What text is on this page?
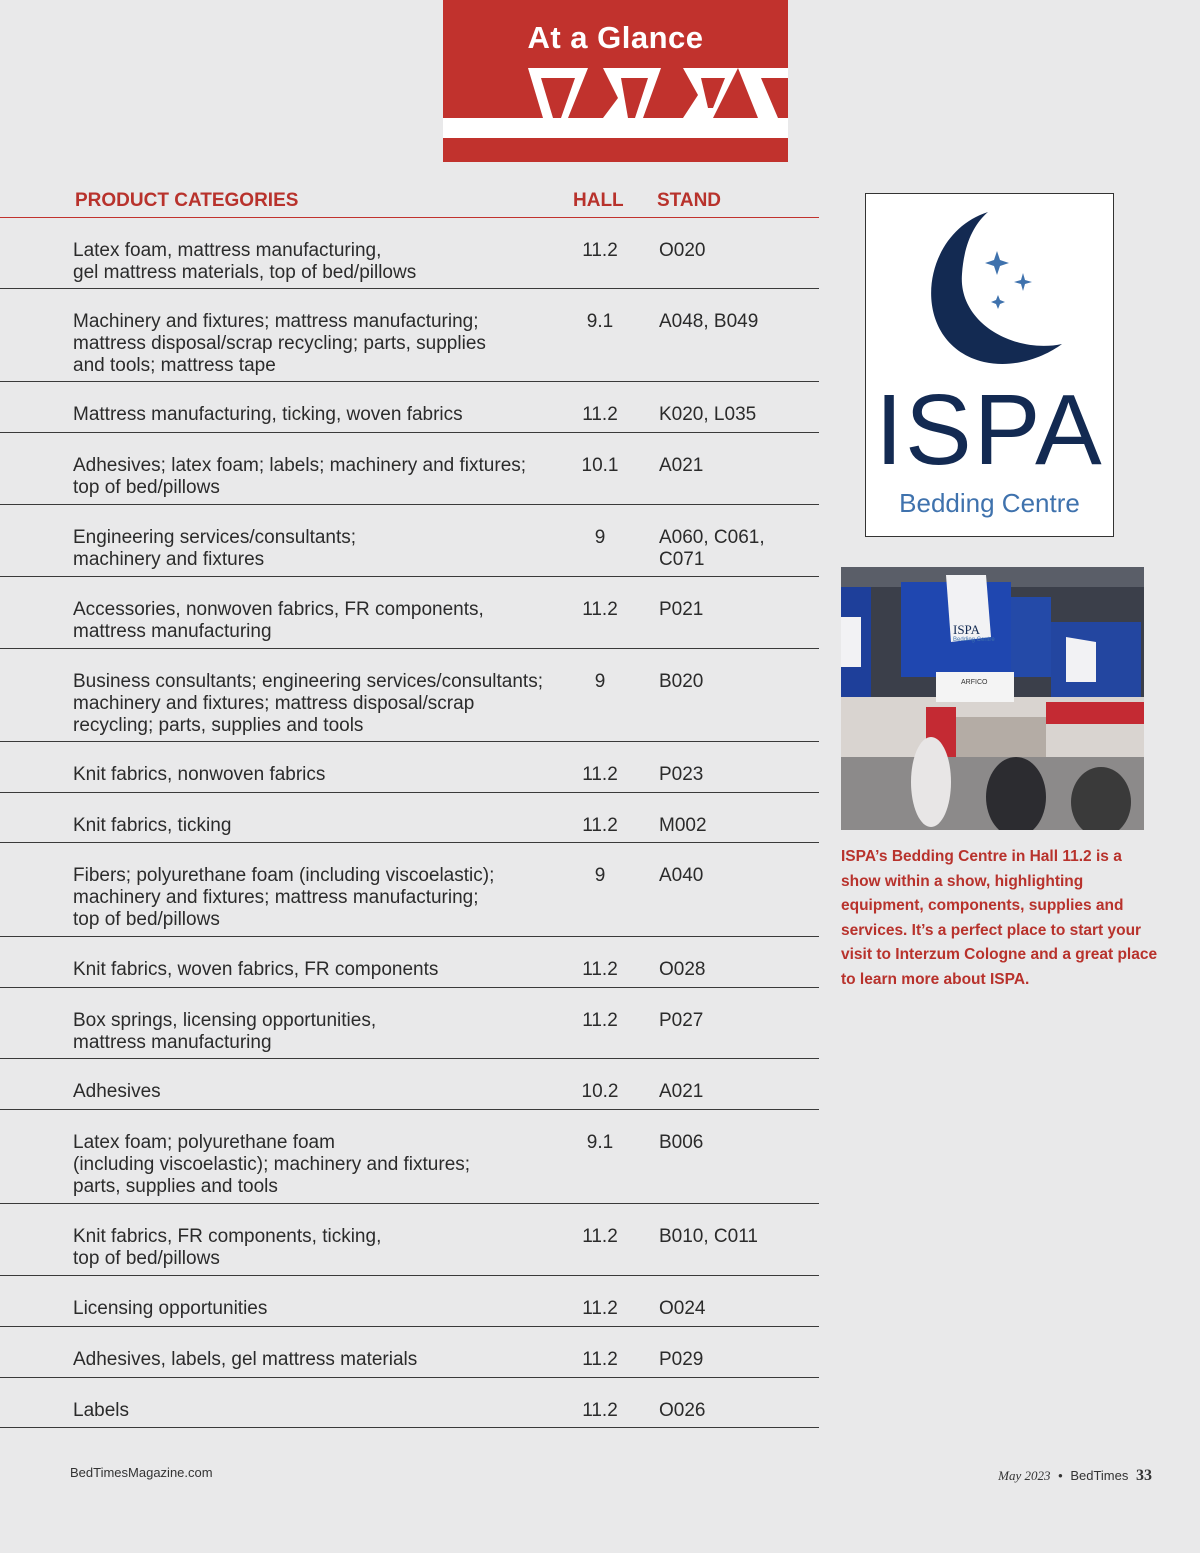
At a Glance
PRODUCT CATEGORIES	HALL STAND
Latex foam, mattress manufacturing,
gel mattress materials, top of bed/pillows
11.2	O020
Machinery and fixtures; mattress manufacturing;
mattress disposal/scrap recycling; parts, supplies
and tools; mattress tape
9.1	A048, B049
Mattress manufacturing, ticking, woven fabrics	11.2	K020, L035
Adhesives; latex foam; labels; machinery and fixtures;
top of bed/pillows
10.1	A021
Engineering services/consultants;
machinery and fixtures
9	A060, C061,
C071
Accessories, nonwoven fabrics, FR components,
mattress manufacturing
11.2	P021
Business consultants; engineering services/consultants;
machinery and fixtures; mattress disposal/scrap
recycling; parts, supplies and tools
9	B020
Knit fabrics, nonwoven fabrics	11.2	P023
Knit fabrics, ticking	11.2	M002
Fibers; polyurethane foam (including viscoelastic);
machinery and fixtures; mattress manufacturing;
top of bed/pillows
9	A040
Knit fabrics, woven fabrics, FR components	11.2	O028
Box springs, licensing opportunities,
mattress manufacturing
11.2	P027
Adhesives	10.2	A021
Latex foam; polyurethane foam
(including viscoelastic); machinery and fixtures;
parts, supplies and tools
9.1	B006
Knit fabrics, FR components, ticking,
top of bed/pillows
11.2	B010, C011
Licensing opportunities	11.2	O024
Adhesives, labels, gel mattress materials	11.2	P029
Labels	11.2	O026
ISPA
Bedding Centre
ISPA
Bedding Centre
ARFICO
ISPA’s Bedding Centre in Hall 11.2 is a show within a show, highlighting equipment, components, supplies and services. It’s a perfect place to start your visit to Interzum Cologne and a great place to learn more about ISPA.
BedTimesMagazine.com	May 2023 • BedTimes 33
